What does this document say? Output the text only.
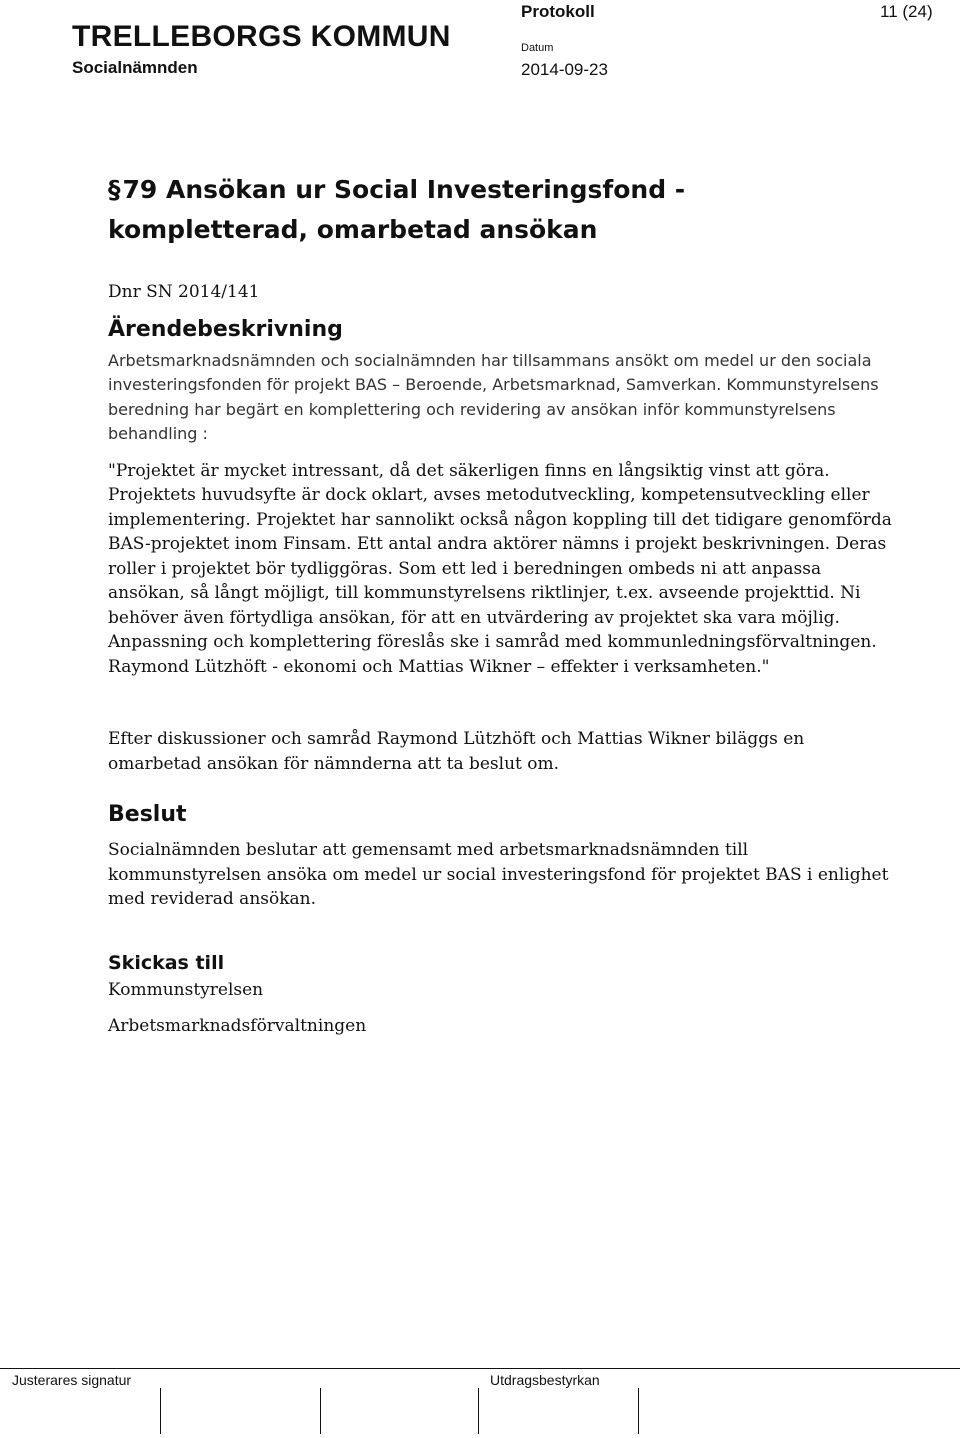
TRELLEBORGS KOMMUN
Socialnämnden
Protokoll	11 (24)
Datum
2014-09-23
§79 Ansökan ur Social Investeringsfond -
kompletterad, omarbetad ansökan
Dnr SN 2014/141
Ärendebeskrivning

Arbetsmarknadsnämnden och socialnämnden har tillsammans ansökt om medel ur den sociala investeringsfonden för projekt BAS – Beroende, Arbetsmarknad, Samverkan. Kommunstyrelsens beredning har begärt en komplettering och revidering av ansökan inför kommunstyrelsens behandling :

"Projektet är mycket intressant, då det säkerligen finns en långsiktig vinst att göra. Projektets huvudsyfte är dock oklart, avses metodutveckling, kompetensutveckling eller implementering. Projektet har sannolikt också någon koppling till det tidigare genomförda BAS-projektet inom Finsam. Ett antal andra aktörer nämns i projekt beskrivningen. Deras roller i projektet bör tydliggöras. Som ett led i beredningen ombeds ni att anpassa ansökan, så långt möjligt, till kommunstyrelsens riktlinjer, t.ex. avseende projekttid. Ni behöver även förtydliga ansökan, för att en utvärdering av projektet ska vara möjlig. Anpassning och komplettering föreslås ske i samråd med kommunledningsförvaltningen. Raymond Lützhöft - ekonomi och Mattias Wikner – effekter i verksamheten."

Efter diskussioner och samråd Raymond Lützhöft och Mattias Wikner biläggs en omarbetad ansökan för nämnderna att ta beslut om.

Beslut

Socialnämnden beslutar att gemensamt med arbetsmarknadsnämnden till kommunstyrelsen ansöka om medel ur social investeringsfond för projektet BAS i enlighet med reviderad ansökan.

Skickas till

Kommunstyrelsen

Arbetsmarknadsförvaltningen

Justerares signatur	Utdragsbestyrkan
